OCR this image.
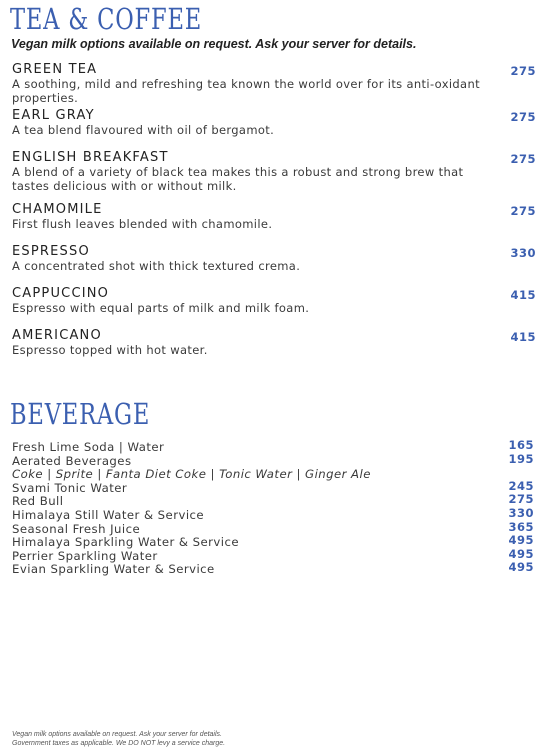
TEA & COFFEE

Vegan milk options available on request. Ask your server for details.

GREEN TEA	275
A soothing, mild and refreshing tea known the world over for its anti-oxidant properties.
EARL GRAY	275
A tea blend flavoured with oil of bergamot.
ENGLISH BREAKFAST	275
A blend of a variety of black tea makes this a robust and strong brew that tastes delicious with or without milk.
CHAMOMILE	275
First flush leaves blended with chamomile.
ESPRESSO	330
A concentrated shot with thick textured crema.
CAPPUCCINO	415
Espresso with equal parts of milk and milk foam.
AMERICANO	415
Espresso topped with hot water.
BEVERAGE
Fresh Lime Soda | Water	165
Aerated Beverages	195
Coke | Sprite | Fanta Diet Coke | Tonic Water | Ginger Ale
Svami Tonic Water	245
Red Bull	275
Himalaya Still Water & Service	330
Seasonal Fresh Juice	365
Himalaya Sparkling Water & Service	495
Perrier Sparkling Water	495
Evian Sparkling Water & Service	495
Vegan milk options available on request. Ask your server for details.
Government taxes as applicable. We DO NOT levy a service charge.
